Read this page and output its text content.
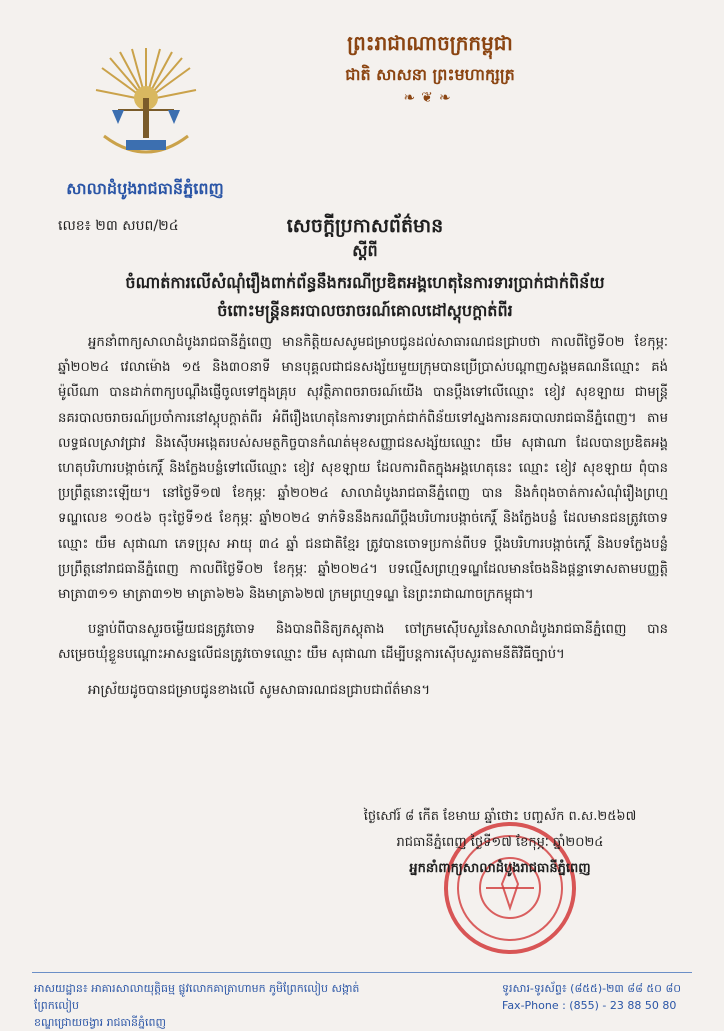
សាលាដំបូងរាជធានីភ្នំពេញ
ព្រះរាជាណាចក្រកម្ពុជា
ជាតិ សាសនា ព្រះមហាក្សត្រ
❧❦❧
លេខ៖ ២៣ សបព/២៤	សេចក្តីប្រកាសព័ត៌មាន
ស្តីពី
ចំណាត់ការលើសំណុំរឿងពាក់ព័ន្ធនឹងករណីប្រឌិតអង្គហេតុនៃការទារប្រាក់ជាក់ពិន័យ
ចំពោះមន្ត្រីនគរបាលចរាចរណ៍គោលដៅស្តុបក្តាត់ពីរ

អ្នកនាំពាក្យសាលាដំបូងរាជធានីភ្នំពេញ មានកិត្តិយសសូមជម្រាបជូនដល់សាធារណជនជ្រាបថា កាលពីថ្ងៃទី០២ ខែកុម្ភៈ ឆ្នាំ២០២៤ វេលាម៉ោង ១៥ និង៣០នាទី មានបុគ្គលជាជនសង្ស័យមួយក្រុមបានប្រើប្រាស់បណ្តាញសង្គមគណនីឈ្មោះ គង់ ម៉ូលីណា បានដាក់ពាក្យបណ្តឹងផ្ញើចូលទៅក្នុងគ្រុប សុវត្ថិភាពចរាចរណ៍យើង បានប្តឹងទៅលើឈ្មោះ ខៀវ សុខឡាយ ជាមន្ត្រីនគរបាលចរាចរណ៍ប្រចាំការនៅស្តុបក្តាត់ពីរ អំពីរឿងហេតុនៃការទារប្រាក់ជាក់ពិន័យទៅស្នងការនគរបាលរាជធានីភ្នំពេញ។ តាមលទ្ធផលស្រាវជ្រាវ និងស៊ើបអង្កេតរបស់សមត្ថកិច្ចបានកំណត់មុខសញ្ញាជនសង្ស័យឈ្មោះ យឹម សុផាណា ដែលបានប្រឌិតអង្គហេតុបរិហារបង្កាច់កេរ្តិ៍ និងក្លែងបន្លំទៅលើឈ្មោះ ខៀវ សុខឡាយ ដែលការពិតក្នុងអង្គហេតុនេះ ឈ្មោះ ខៀវ សុខឡាយ ពុំបានប្រព្រឹត្តនោះឡើយ។ នៅថ្ងៃទី១៧ ខែកុម្ភៈ ឆ្នាំ២០២៤ សាលាដំបូងរាជធានីភ្នំពេញ បាន និងកំពុងចាត់ការសំណុំរឿងព្រហ្មទណ្ឌលេខ ១០៥៦ ចុះថ្ងៃទី១៥ ខែកុម្ភៈ ឆ្នាំ២០២៤ ទាក់ទិននឹងករណីប្តឹងបរិហារបង្កាច់កេរ្តិ៍ និងក្លែងបន្លំ ដែលមានជនត្រូវចោទ ឈ្មោះ យឹម សុផាណា ភេទប្រុស អាយុ ៣៤ ឆ្នាំ ជនជាតិខ្មែរ ត្រូវបានចោទប្រកាន់ពីបទ ប្តឹងបរិហារបង្កាច់កេរ្តិ៍ និងបទក្លែងបន្លំ ប្រព្រឹត្តនៅរាជធានីភ្នំពេញ កាលពីថ្ងៃទី០២ ខែកុម្ភៈ ឆ្នាំ២០២៤។ បទល្មើសព្រហ្មទណ្ឌដែលមានចែងនិងផ្តន្ទាទោសតាមបញ្ញត្តិមាត្រា៣១១ មាត្រា៣១២ មាត្រា៦២៦ និងមាត្រា៦២៧ ក្រមព្រហ្មទណ្ឌ នៃព្រះរាជាណាចក្រកម្ពុជា។

បន្ទាប់ពីបានសួរចម្លើយជនត្រូវចោទ និងបានពិនិត្យភស្តុតាង ចៅក្រមស៊ើបសួរនៃសាលាដំបូងរាជធានីភ្នំពេញ បានសម្រេចឃុំខ្លួនបណ្តោះអាសន្នលើជនត្រូវចោទឈ្មោះ យឹម សុផាណា ដើម្បីបន្តការស៊ើបសួរតាមនីតិវិធីច្បាប់។

អាស្រ័យដូចបានជម្រាបជូនខាងលើ សូមសាធារណជនជ្រាបជាព័ត៌មាន។

ថ្ងៃសៅរ៍ ៨ កើត ខែមាឃ ឆ្នាំថោះ បញ្ចស័ក ព.ស.២៥៦៧
រាជធានីភ្នំពេញ ថ្ងៃទី១៧ ខែកុម្ភៈ ឆ្នាំ២០២៤
អ្នកនាំពាក្យសាលាដំបូងរាជធានីភ្នំពេញ
អាសយដ្ឋាន៖ អាគារសាលាយុត្តិធម្ម ផ្លូវលោកគាត្រាហាមក ភូមិព្រែកលៀប សង្កាត់ព្រែកលៀប
ខណ្ឌជ្រោយចង្វារ រាជធានីភ្នំពេញ
ទូរសារ-ទូរស័ព្ទ៖ (៨៥៥)-២៣ ៨៨ ៥០ ៨០
Fax-Phone : (855) - 23 88 50 80
